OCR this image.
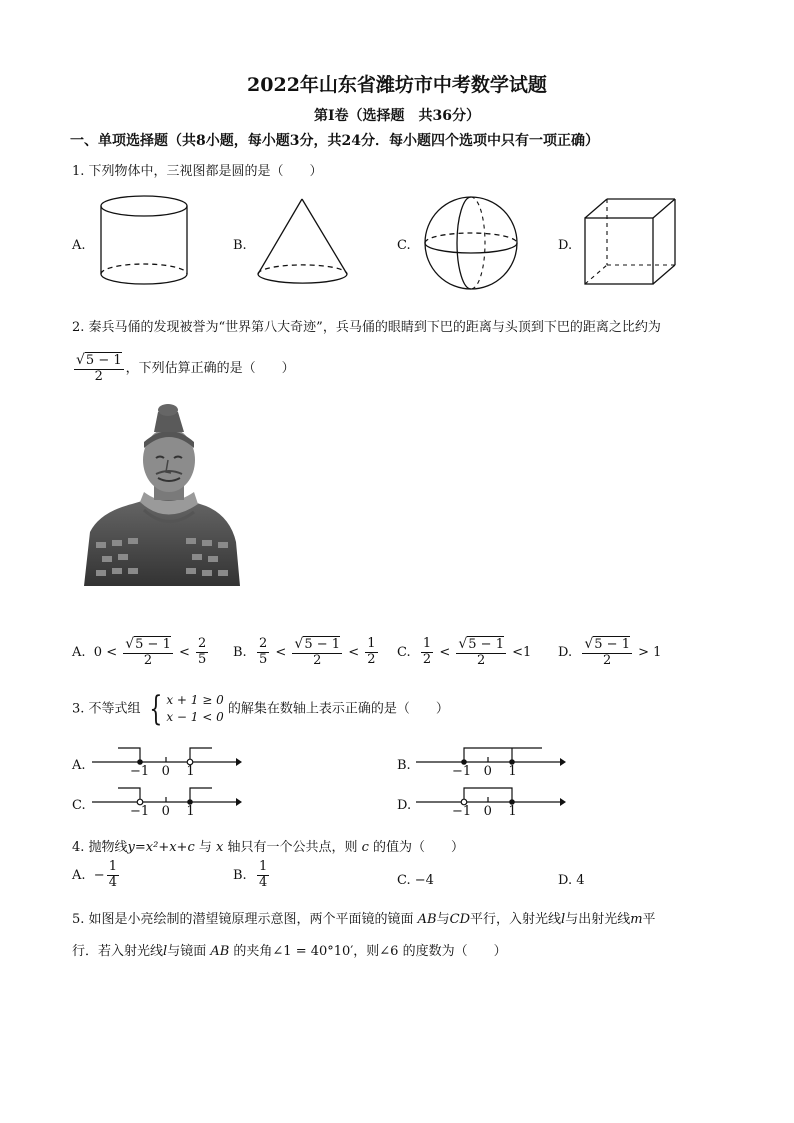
2022年山东省潍坊市中考数学试题
第Ⅰ卷（选择题　共36分）
一、单项选择题（共8小题，每小题3分，共24分．每小题四个选项中只有一项正确）
1. 下列物体中，三视图都是圆的是（　　）
A.	B.	C.	D.
2. 秦兵马俑的发现被誉为“世界第八大奇迹”，兵马俑的眼睛到下巴的距离与头顶到下巴的距离之比约为
$\frac{√5 - 1}{2}$ ，下列估算正确的是（　　）
A. $0 < \frac{√5 - 1}{2} < \frac{2}{5} B$. $\frac{2}{5} < \frac{√5 - 1}{2} < \frac{1}{2} C$. $\frac{1}{2} < \frac{√5 - 1}{2} <1$ D. $\frac{√5 - 1}{2} > 1$
3. 不等式组 { x + 1 ≥ 0
x − 1 < 0
的解集在数轴上表示正确的是（　　）
A.	−1 0 1	B.	−1 0 1
C.	−1 0 1	D.	−1 0 1
4. 抛物线y=x²+x+c 与 x 轴只有一个公共点，则 c 的值为（　　）
A. − $\frac{1}{4}$	B. $\frac{1}{4}$	C. −4	D. 4
5. 如图是小亮绘制的潜望镜原理示意图，两个平面镜的镜面 AB与CD平行，入射光线l与出射光线m平
行．若入射光线l与镜面 AB 的夹角∠1 = 40°10′，则∠6 的度数为（　　）
